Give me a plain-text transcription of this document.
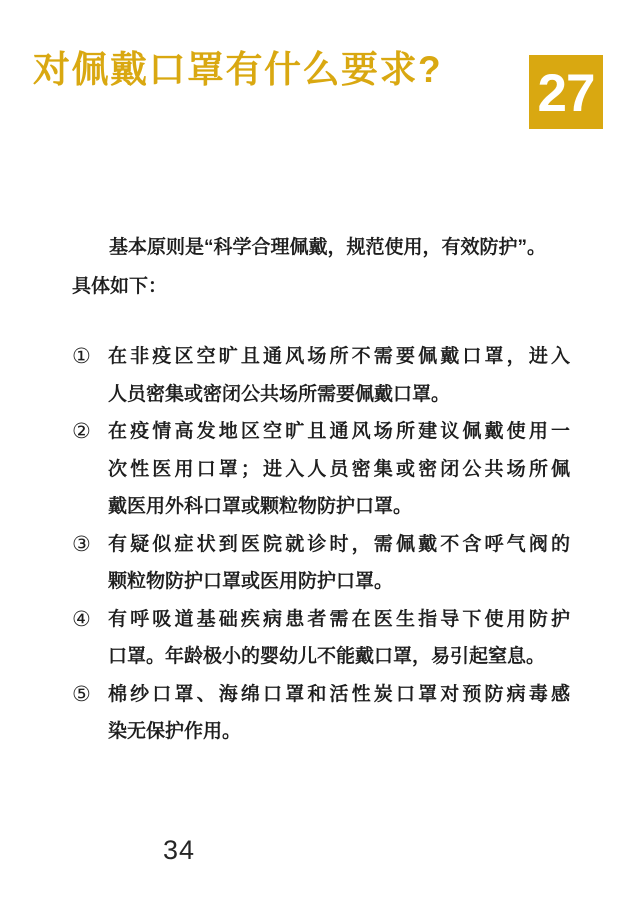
对佩戴口罩有什么要求? 27
基本原则是“科学合理佩戴，规范使用，有效防护”。
具体如下：
① 在非疫区空旷且通风场所不需要佩戴口罩，进入
人员密集或密闭公共场所需要佩戴口罩。
② 在疫情高发地区空旷且通风场所建议佩戴使用一
次性医用口罩；进入人员密集或密闭公共场所佩
戴医用外科口罩或颗粒物防护口罩。
③ 有疑似症状到医院就诊时，需佩戴不含呼气阀的
颗粒物防护口罩或医用防护口罩。
④ 有呼吸道基础疾病患者需在医生指导下使用防护
口罩。年龄极小的婴幼儿不能戴口罩，易引起窒息。
⑤ 棉纱口罩、海绵口罩和活性炭口罩对预防病毒感
染无保护作用。
34
